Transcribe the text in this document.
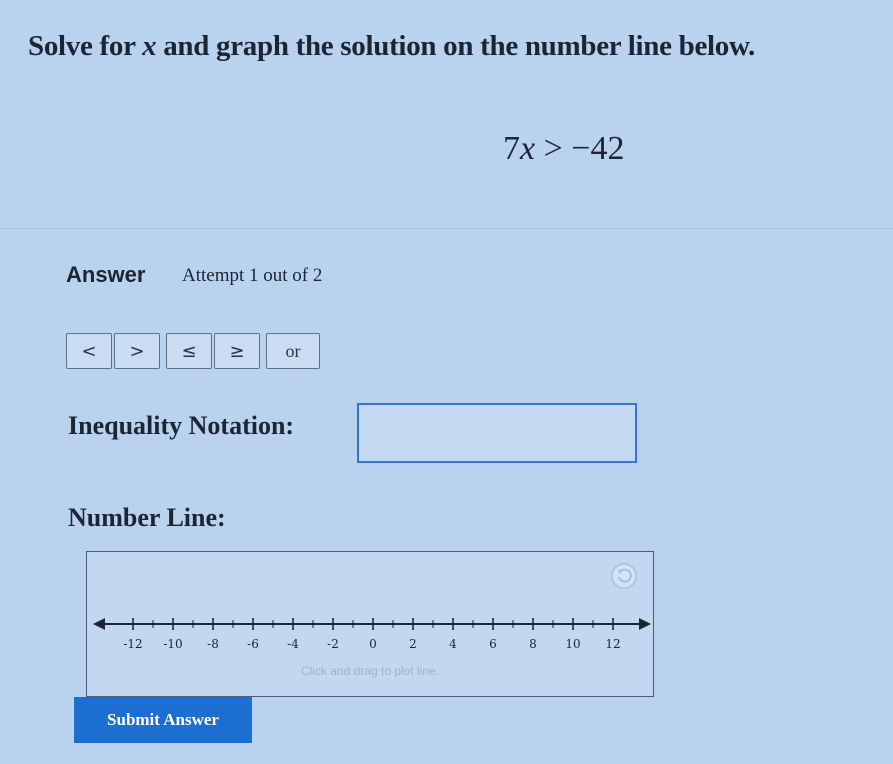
Solve for x and graph the solution on the number line below.
7x > −42
Answer Attempt 1 out of 2
<	>	≤	≥	or
Inequality Notation:
Number Line:
-12 -10 -8 -6 -4 -2	0	2	4	6	8 10 12
Click and drag to plot line.
Submit Answer
